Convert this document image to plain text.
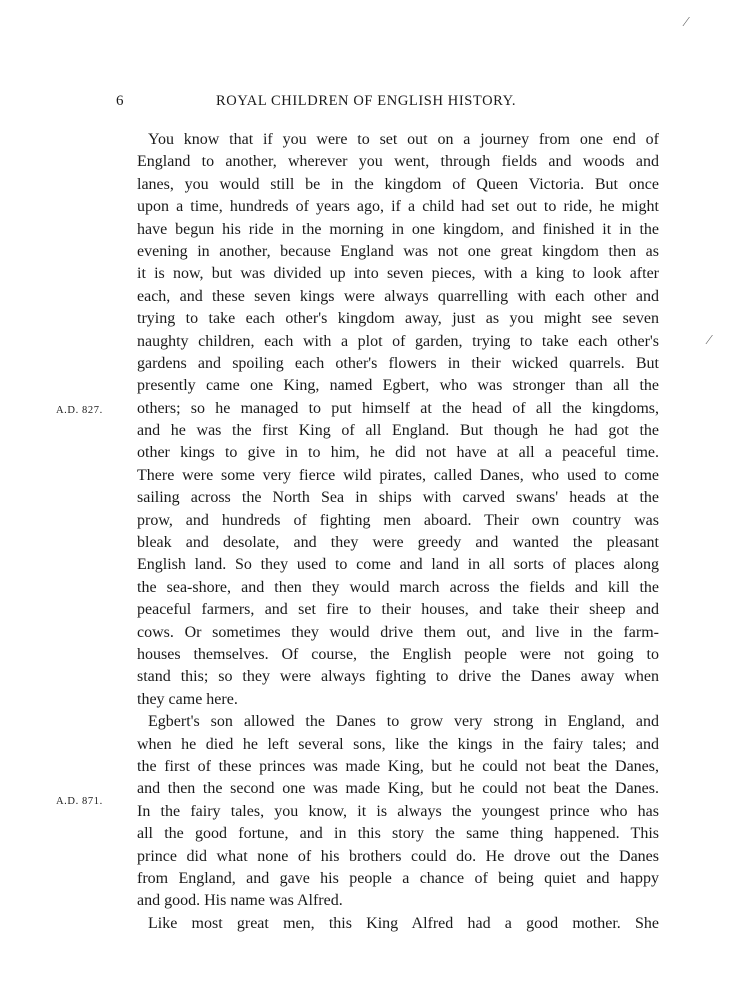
⁄
⁄
6	ROYAL CHILDREN OF ENGLISH HISTORY.
A.D. 827.
A.D. 871.
You know that if you were to set out on a journey from one end of
England to another, wherever you went, through fields and woods and
lanes, you would still be in the kingdom of Queen Victoria. But once
upon a time, hundreds of years ago, if a child had set out to ride, he might
have begun his ride in the morning in one kingdom, and finished it in the
evening in another, because England was not one great kingdom then as
it is now, but was divided up into seven pieces, with a king to look after
each, and these seven kings were always quarrelling with each other and
trying to take each other's kingdom away, just as you might see seven
naughty children, each with a plot of garden, trying to take each other's
gardens and spoiling each other's flowers in their wicked quarrels. But
presently came one King, named Egbert, who was stronger than all the
others; so he managed to put himself at the head of all the kingdoms,
and he was the first King of all England. But though he had got the
other kings to give in to him, he did not have at all a peaceful time.
There were some very fierce wild pirates, called Danes, who used to come
sailing across the North Sea in ships with carved swans' heads at the
prow, and hundreds of fighting men aboard. Their own country was
bleak and desolate, and they were greedy and wanted the pleasant
English land. So they used to come and land in all sorts of places along
the sea-shore, and then they would march across the fields and kill the
peaceful farmers, and set fire to their houses, and take their sheep and
cows. Or sometimes they would drive them out, and live in the farm-
houses themselves. Of course, the English people were not going to
stand this; so they were always fighting to drive the Danes away when
they came here.
Egbert's son allowed the Danes to grow very strong in England, and
when he died he left several sons, like the kings in the fairy tales; and
the first of these princes was made King, but he could not beat the Danes,
and then the second one was made King, but he could not beat the Danes.
In the fairy tales, you know, it is always the youngest prince who has
all the good fortune, and in this story the same thing happened. This
prince did what none of his brothers could do. He drove out the Danes
from England, and gave his people a chance of being quiet and happy
and good. His name was Alfred.
Like most great men, this King Alfred had a good mother. She
